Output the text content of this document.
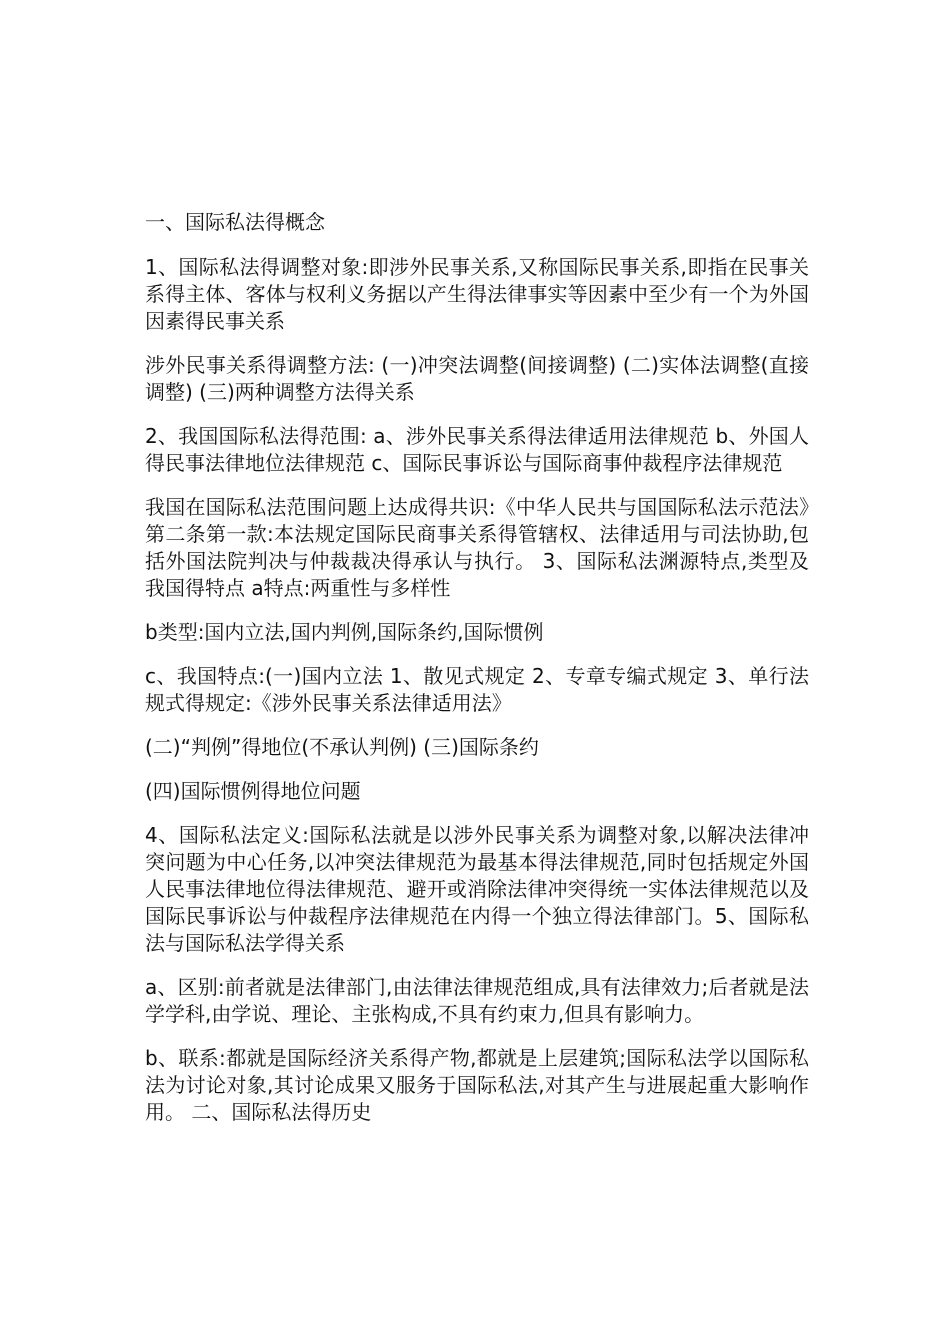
一、国际私法得概念

1、国际私法得调整对象:即涉外民事关系,又称国际民事关系,即指在民事关系得主体、客体与权利义务据以产生得法律事实等因素中至少有一个为外国因素得民事关系

涉外民事关系得调整方法: (一)冲突法调整(间接调整) (二)实体法调整(直接调整) (三)两种调整方法得关系

2、我国国际私法得范围: a、涉外民事关系得法律适用法律规范 b、外国人得民事法律地位法律规范 c、国际民事诉讼与国际商事仲裁程序法律规范

我国在国际私法范围问题上达成得共识:《中华人民共与国国际私法示范法》第二条第一款:本法规定国际民商事关系得管辖权、法律适用与司法协助,包括外国法院判决与仲裁裁决得承认与执行。 3、国际私法渊源特点,类型及我国得特点 a特点:两重性与多样性

b类型:国内立法,国内判例,国际条约,国际惯例

c、我国特点:(一)国内立法 1、散见式规定 2、专章专编式规定 3、单行法规式得规定:《涉外民事关系法律适用法》

(二)“判例”得地位(不承认判例) (三)国际条约

(四)国际惯例得地位问题

4、国际私法定义:国际私法就是以涉外民事关系为调整对象,以解决法律冲突问题为中心任务,以冲突法律规范为最基本得法律规范,同时包括规定外国人民事法律地位得法律规范、避开或消除法律冲突得统一实体法律规范以及国际民事诉讼与仲裁程序法律规范在内得一个独立得法律部门。5、国际私法与国际私法学得关系

a、区别:前者就是法律部门,由法律法律规范组成,具有法律效力;后者就是法学学科,由学说、理论、主张构成,不具有约束力,但具有影响力。

b、联系:都就是国际经济关系得产物,都就是上层建筑;国际私法学以国际私法为讨论对象,其讨论成果又服务于国际私法,对其产生与进展起重大影响作用。 二、国际私法得历史
